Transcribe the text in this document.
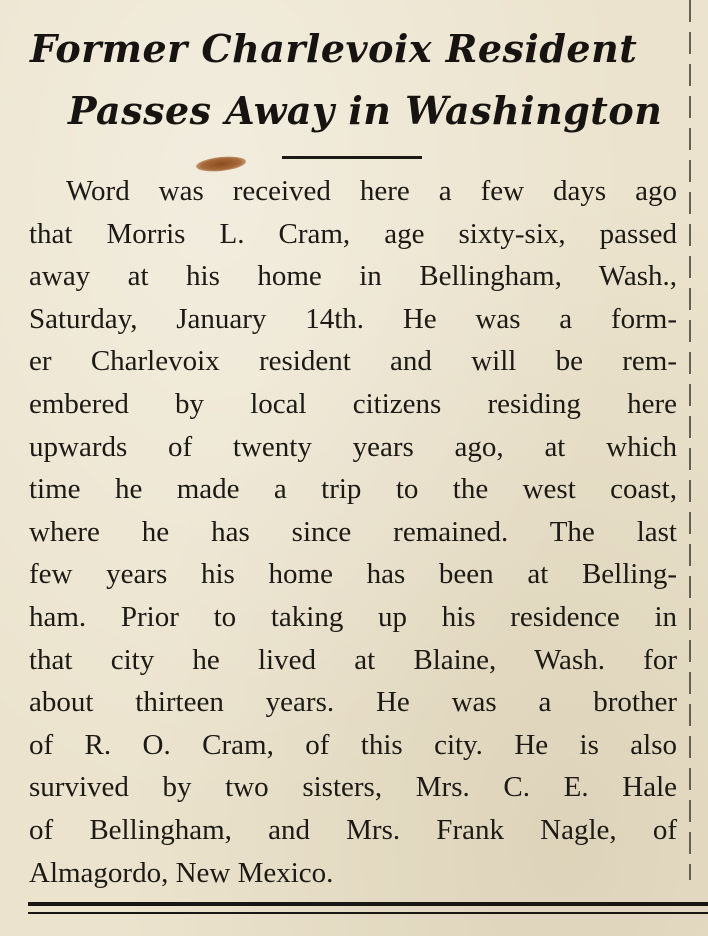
Former Charlevoix Resident
Passes Away in Washington
Word was received here a few days ago
that Morris L. Cram, age sixty-six, passed
away at his home in Bellingham, Wash.,
Saturday, January 14th. He was a form-
er Charlevoix resident and will be rem-
embered by local citizens residing here
upwards of twenty years ago, at which
time he made a trip to the west coast,
where he has since remained. The last
few years his home has been at Belling-
ham. Prior to taking up his residence in
that city he lived at Blaine, Wash. for
about thirteen years. He was a brother
of R. O. Cram, of this city. He is also
survived by two sisters, Mrs. C. E. Hale
of Bellingham, and Mrs. Frank Nagle, of
Almagordo, New Mexico.
